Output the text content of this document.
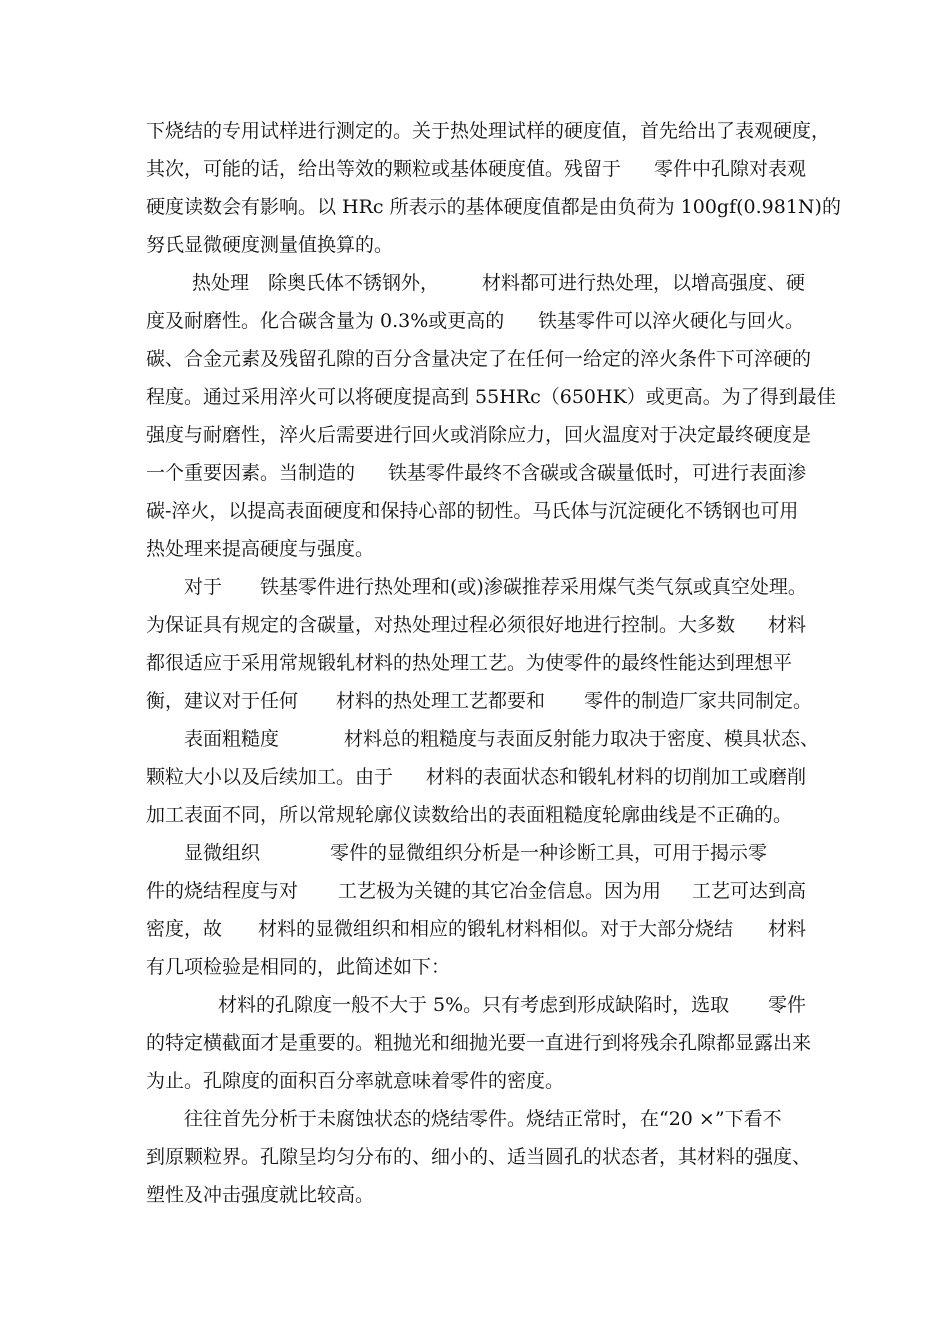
下烧结的专用试样进行测定的。关于热处理试样的硬度值，首先给出了表观硬度，
其次，可能的话，给出等效的颗粒或基体硬度值。残留于 零件中孔隙对表观
硬度读数会有影响。以 HRc 所表示的基体硬度值都是由负荷为 100gf(0.981N)的
努氏显微硬度测量值换算的。
热处理 除奥氏体不锈钢外， 材料都可进行热处理，以增高强度、硬
度及耐磨性。化合碳含量为 0.3%或更高的 铁基零件可以淬火硬化与回火。
碳、合金元素及残留孔隙的百分含量决定了在任何一给定的淬火条件下可淬硬的
程度。通过采用淬火可以将硬度提高到 55HRc（650HK）或更高。为了得到最佳
强度与耐磨性，淬火后需要进行回火或消除应力，回火温度对于决定最终硬度是
一个重要因素。当制造的 铁基零件最终不含碳或含碳量低时，可进行表面渗
碳-淬火，以提高表面硬度和保持心部的韧性。马氏体与沉淀硬化不锈钢也可用
热处理来提高硬度与强度。
对于 铁基零件进行热处理和(或)渗碳推荐采用煤气类气氛或真空处理。
为保证具有规定的含碳量，对热处理过程必须很好地进行控制。大多数 材料
都很适应于采用常规锻轧材料的热处理工艺。为使零件的最终性能达到理想平
衡，建议对于任何 材料的热处理工艺都要和 零件的制造厂家共同制定。
表面粗糙度	材料总的粗糙度与表面反射能力取决于密度、模具状态、
颗粒大小以及后续加工。由于 材料的表面状态和锻轧材料的切削加工或磨削
加工表面不同，所以常规轮廓仪读数给出的表面粗糙度轮廓曲线是不正确的。
显微组织	零件的显微组织分析是一种诊断工具，可用于揭示零
件的烧结程度与对 工艺极为关键的其它冶金信息。因为用 工艺可达到高
密度，故 材料的显微组织和相应的锻轧材料相似。对于大部分烧结 材料
有几项检验是相同的，此简述如下：
材料的孔隙度一般不大于 5%。只有考虑到形成缺陷时，选取 零件
的特定横截面才是重要的。粗抛光和细抛光要一直进行到将残余孔隙都显露出来
为止。孔隙度的面积百分率就意味着零件的密度。
往往首先分析于未腐蚀状态的烧结零件。烧结正常时，在“20 ×”下看不
到原颗粒界。孔隙呈均匀分布的、细小的、适当圆孔的状态者，其材料的强度、
塑性及冲击强度就比较高。
